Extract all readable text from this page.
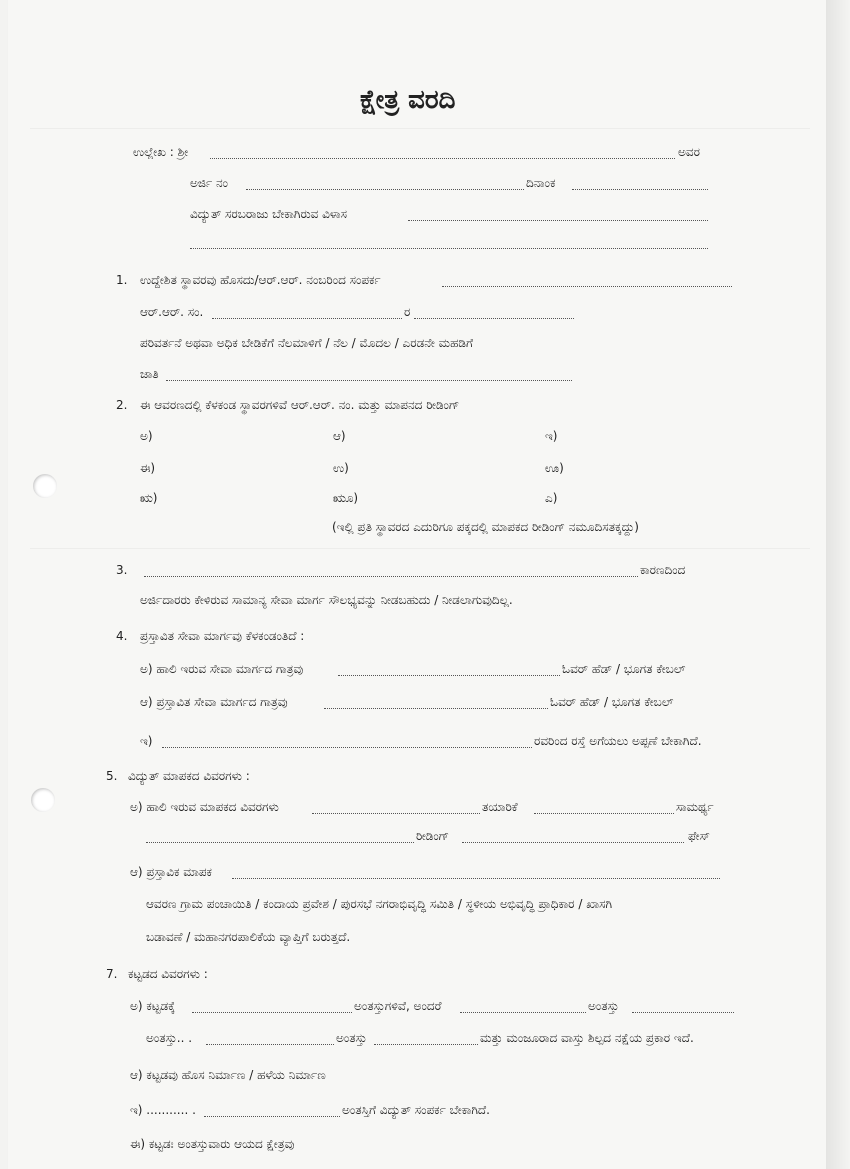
ಕ್ಷೇತ್ರ ವರದಿ
ಉಲ್ಲೇಖ : ಶ್ರೀ	ಅವರ
ಅರ್ಜಿ ನಂ	ದಿನಾಂಕ
ವಿದ್ಯುತ್ ಸರಬರಾಜು ಬೇಕಾಗಿರುವ ವಿಳಾಸ
1. ಉದ್ದೇಶಿತ ಸ್ಥಾವರವು ಹೊಸದು/ಆರ್.ಆರ್. ನಂಬರಿಂದ ಸಂಪರ್ಕ
ಆರ್.ಆರ್. ಸಂ.	ರ
ಪರಿವರ್ತನೆ ಅಥವಾ ಅಧಿಕ ಬೇಡಿಕೆಗೆ ನೆಲಮಾಳಿಗೆ / ನೆಲ / ಮೊದಲ / ಎರಡನೇ ಮಹಡಿಗೆ
ಜಾತಿ
2. ಈ ಆವರಣದಲ್ಲಿ ಕೆಳಕಂಡ ಸ್ಥಾವರಗಳಿವೆ ಆರ್.ಆರ್. ನಂ. ಮತ್ತು ಮಾಪನದ ರೀಡಿಂಗ್
ಅ)	ಆ)	ಇ)
ಈ)	ಉ)	ಊ)
ಋ)	ಋೂ)	ಎ)
(ಇಲ್ಲಿ ಪ್ರತಿ ಸ್ಥಾವರದ ಎದುರಿಗೂ ಪಕ್ಕದಲ್ಲಿ ಮಾಪಕದ ರೀಡಿಂಗ್ ನಮೂದಿಸತಕ್ಕದ್ದು)
3.	ಕಾರಣದಿಂದ
ಅರ್ಜಿದಾರರು ಕೇಳಿರುವ ಸಾಮಾನ್ಯ ಸೇವಾ ಮಾರ್ಗ ಸೌಲಭ್ಯವನ್ನು ನೀಡಬಹುದು / ನೀಡಲಾಗುವುದಿಲ್ಲ.
4. ಪ್ರಸ್ತಾವಿತ ಸೇವಾ ಮಾರ್ಗವು ಕೆಳಕಂಡಂತಿದೆ :
ಅ) ಹಾಲಿ ಇರುವ ಸೇವಾ ಮಾರ್ಗದ ಗಾತ್ರವು	ಓವರ್ ಹೆಡ್ / ಭೂಗತ ಕೇಬಲ್
ಆ) ಪ್ರಸ್ತಾವಿತ ಸೇವಾ ಮಾರ್ಗದ ಗಾತ್ರವು	ಓವರ್ ಹೆಡ್ / ಭೂಗತ ಕೇಬಲ್
ಇ)	ರವರಿಂದ ರಸ್ತೆ ಅಗೆಯಲು ಅಪ್ಪಣೆ ಬೇಕಾಗಿದೆ.
5. ವಿದ್ಯುತ್ ಮಾಪಕದ ವಿವರಗಳು :
ಅ) ಹಾಲಿ ಇರುವ ಮಾಪಕದ ವಿವರಗಳು	ತಯಾರಿಕೆ	ಸಾಮರ್ಥ್ಯ
ರೀಡಿಂಗ್	ಫೇಸ್
ಆ) ಪ್ರಸ್ತಾವಿಕ ಮಾಪಕ
ಆವರಣ ಗ್ರಾಮ ಪಂಚಾಯಿತಿ / ಕಂದಾಯ ಪ್ರವೇಶ / ಪುರಸಭೆ ನಗರಾಭಿವೃದ್ಧಿ ಸಮಿತಿ / ಸ್ಥಳೀಯ ಅಭಿವೃದ್ಧಿ ಪ್ರಾಧಿಕಾರ / ಖಾಸಗಿ
ಬಡಾವಣೆ / ಮಹಾನಗರಪಾಲಿಕೆಯ ವ್ಯಾಪ್ತಿಗೆ ಬರುತ್ತದೆ.
7. ಕಟ್ಟಡದ ವಿವರಗಳು :
ಅ) ಕಟ್ಟಡಕ್ಕೆ	ಅಂತಸ್ತುಗಳಿವೆ, ಅಂದರೆ	ಅಂತಸ್ತು
ಅಂತಸ್ತು.. .	ಅಂತಸ್ತು	ಮತ್ತು ಮಂಜೂರಾದ ವಾಸ್ತು ಶಿಲ್ಪದ ನಕ್ಷೆಯ ಪ್ರಕಾರ ಇದೆ.
ಆ) ಕಟ್ಟಡವು ಹೊಸ ನಿರ್ಮಾಣ / ಹಳೆಯ ನಿರ್ಮಾಣ
ಇ) ........... .	ಅಂತಸ್ತಿಗೆ ವಿದ್ಯುತ್ ಸಂಪರ್ಕ ಬೇಕಾಗಿದೆ.
ಈ) ಕಟ್ಟಡಃ ಅಂತಸ್ತುವಾರು ಆಯದ ಕ್ಷೇತ್ರವು
